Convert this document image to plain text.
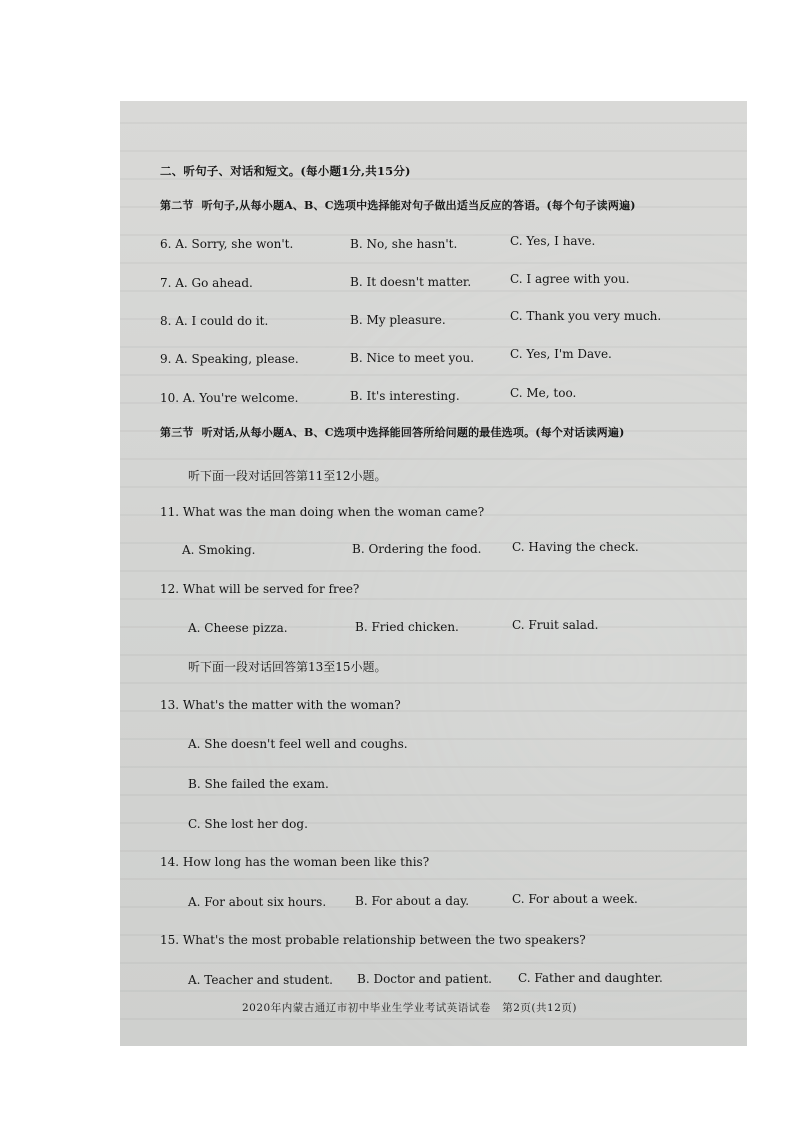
二、听句子、对话和短文。(每小题1分,共15分)
第二节  听句子,从每小题A、B、C选项中选择能对句子做出适当反应的答语。(每个句子读两遍)
6. A. Sorry, she won't.	B. No, she hasn't.	C. Yes, I have.
7. A. Go ahead.	B. It doesn't matter.	C. I agree with you.
8. A. I could do it.	B. My pleasure.	C. Thank you very much.
9. A. Speaking, please.	B. Nice to meet you.	C. Yes, I'm Dave.
10. A. You're welcome.	B. It's interesting.	C. Me, too.
第三节  听对话,从每小题A、B、C选项中选择能回答所给问题的最佳选项。(每个对话读两遍)
听下面一段对话回答第11至12小题。
11. What was the man doing when the woman came?
A. Smoking.	B. Ordering the food.	C. Having the check.
12. What will be served for free?
A. Cheese pizza.	B. Fried chicken.	C. Fruit salad.
听下面一段对话回答第13至15小题。
13. What's the matter with the woman?
A. She doesn't feel well and coughs.
B. She failed the exam.
C. She lost her dog.
14. How long has the woman been like this?
A. For about six hours. B. For about a day.	C. For about a week.
15. What's the most probable relationship between the two speakers?
A. Teacher and student. B. Doctor and patient. C. Father and daughter.
2020年内蒙古通辽市初中毕业生学业考试英语试卷   第2页(共12页)
